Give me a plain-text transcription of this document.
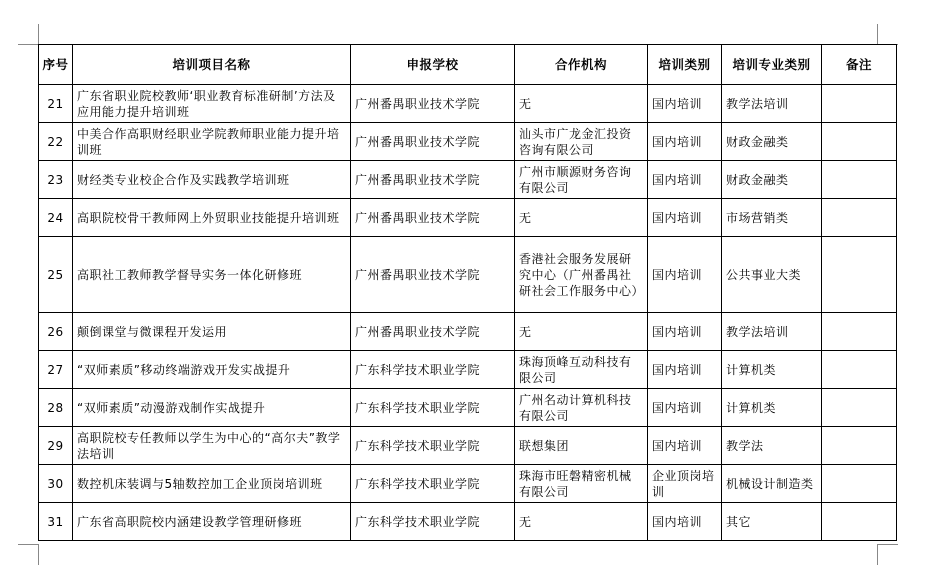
序号	培训项目名称	申报学校	合作机构	培训类别	培训专业类别	备注
21	广东省职业院校教师‘职业教育标准研制’方法及应用能力提升培训班	广州番禺职业技术学院	无	国内培训	教学法培训	
22	中美合作高职财经职业学院教师职业能力提升培训班	广州番禺职业技术学院	汕头市广龙金汇投资咨询有限公司	国内培训	财政金融类	
23	财经类专业校企合作及实践教学培训班	广州番禺职业技术学院	广州市顺源财务咨询有限公司	国内培训	财政金融类	
24	高职院校骨干教师网上外贸职业技能提升培训班	广州番禺职业技术学院	无	国内培训	市场营销类	
25	高职社工教师教学督导实务一体化研修班	广州番禺职业技术学院	香港社会服务发展研究中心（广州番禺社研社会工作服务中心）	国内培训	公共事业大类	
26	颠倒课堂与微课程开发运用	广州番禺职业技术学院	无	国内培训	教学法培训	
27	“双师素质”移动终端游戏开发实战提升	广东科学技术职业学院	珠海顶峰互动科技有限公司	国内培训	计算机类	
28	“双师素质”动漫游戏制作实战提升	广东科学技术职业学院	广州名动计算机科技有限公司	国内培训	计算机类	
29	高职院校专任教师以学生为中心的“高尔夫”教学法培训	广东科学技术职业学院	联想集团	国内培训	教学法	
30	数控机床装调与5轴数控加工企业顶岗培训班	广东科学技术职业学院	珠海市旺磐精密机械有限公司	企业顶岗培训	机械设计制造类	
31	广东省高职院校内涵建设教学管理研修班	广东科学技术职业学院	无	国内培训	其它	
